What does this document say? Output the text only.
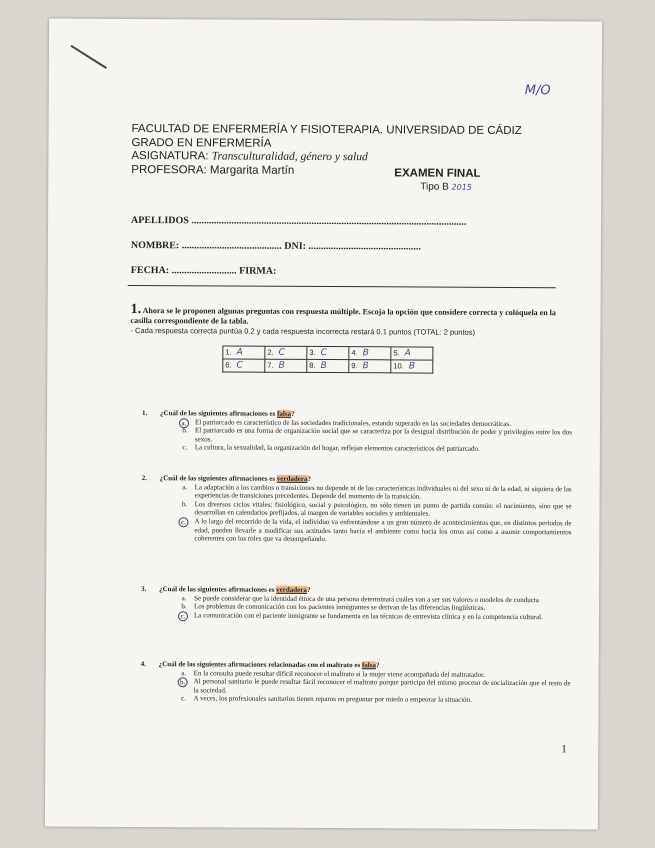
M/O
FACULTAD DE ENFERMERÍA Y FISIOTERAPIA. UNIVERSIDAD DE CÁDIZ
GRADO EN ENFERMERÍA
ASIGNATURA: Transculturalidad, género y salud
PROFESORA: Margarita Martín	EXAMEN FINAL
Tipo B 2015
APELLIDOS ..............................................................................................................
NOMBRE: ........................................ DNI: .............................................
FECHA: .......................... FIRMA:
1. Ahora se le proponen algunas preguntas con respuesta múltiple. Escoja la opción que considere correcta y colóquela en la casilla correspondiente de la tabla.
- Cada respuesta correcta puntúa 0.2 y cada respuesta incorrecta restará 0.1 puntos (TOTAL: 2 puntos)
1. A	2. C	3. C	4. B	5. A
6. C	7. B	8. B	9. B	10. B
1. ¿Cuál de las siguientes afirmaciones es falsa?
a.	El patriarcado es característico de las sociedades tradicionales, estando superado en las sociedades democráticas.
b.	El patriarcado es una forma de organización social que se caracteriza por la desigual distribución de poder y privilegios entre los dos sexos.
c.	La cultura, la sexualidad, la organización del hogar, reflejan elementos característicos del patriarcado.
2. ¿Cuál de las siguientes afirmaciones es verdadera?
a.	La adaptación a los cambios o transiciones no depende ni de las características individuales ni del sexo ni de la edad, ni siquiera de las experiencias de transiciones precedentes. Depende del momento de la transición.
b.	Los diversos ciclos vitales: fisiológico, social y psicológico, no sólo tienen un punto de partida común: el nacimiento, sino que se desarrollan en calendarios prefijados, al margen de variables sociales y ambientales.
c.	A lo largo del recorrido de la vida, el individuo va enfrentándose a un gran número de acontecimientos que, en distintos periodos de edad, pueden llevarle a modificar sus actitudes tanto hacia el ambiente como hacia los otros así como a asumir comportamientos coherentes con los roles que va desempeñando.
3. ¿Cuál de las siguientes afirmaciones es verdadera?
a.	Se puede considerar que la identidad étnica de una persona determinará cuáles van a ser sus valores o modelos de conducta
b.	Los problemas de comunicación con los pacientes inmigrantes se derivan de las diferencias lingüísticas.
c.	La comunicación con el paciente inmigrante se fundamenta en las técnicas de entrevista clínica y en la competencia cultural.
4. ¿Cuál de las siguientes afirmaciones relacionadas con el maltrato es falsa?
a.	En la consulta puede resultar difícil reconocer el maltrato si la mujer viene acompañada del maltratador.
b.	Al personal sanitario le puede resultar fácil reconocer el maltrato porque participa del mismo proceso de socialización que el resto de la sociedad.
c.	A veces, los profesionales sanitarios tienen reparos en preguntar por miedo a empeorar la situación.
1
